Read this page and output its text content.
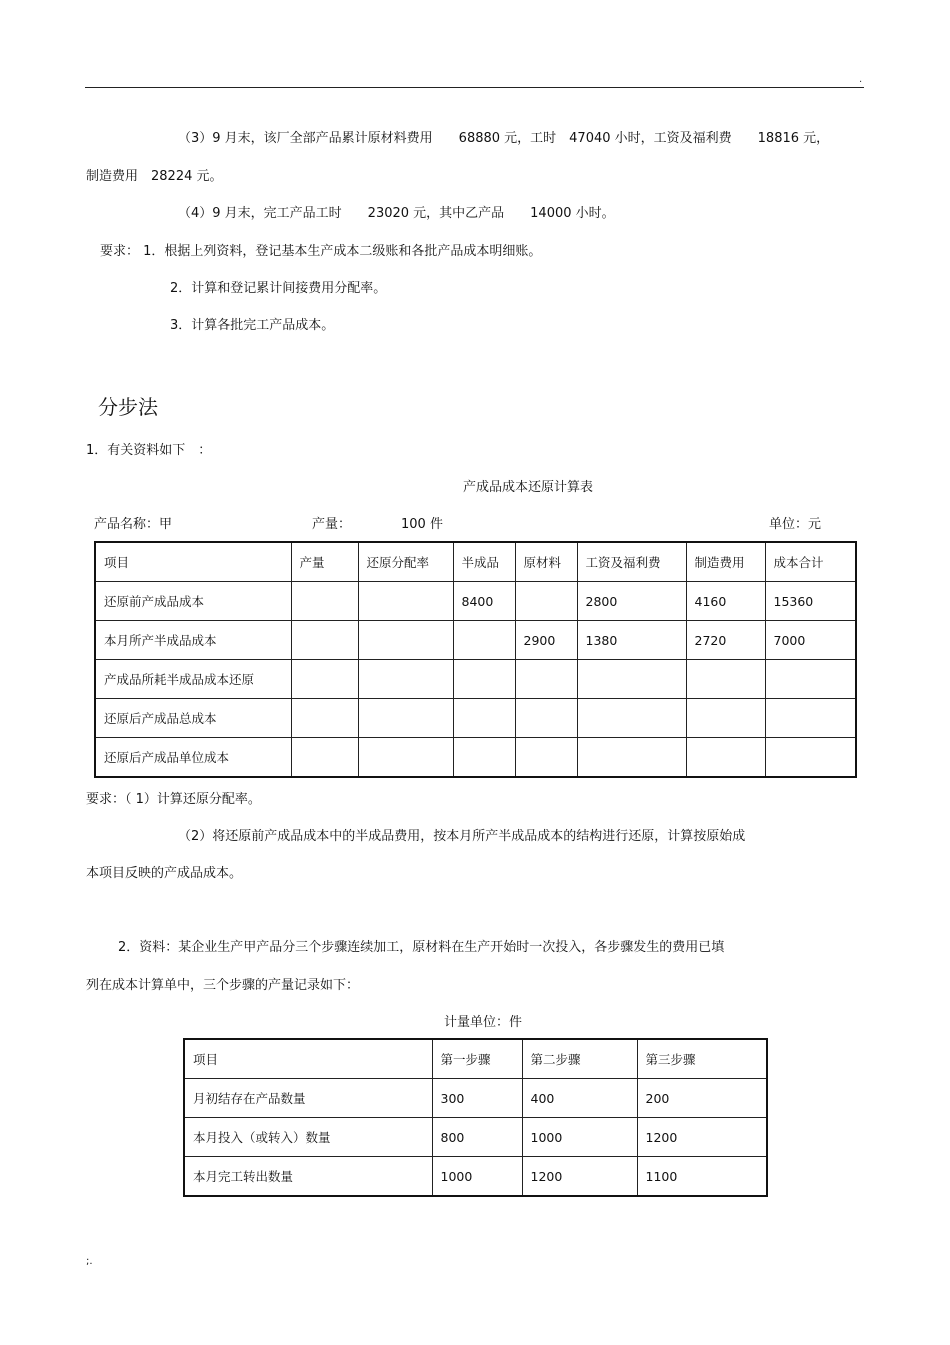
.
（3）9 月末，该厂全部产品累计原材料费用　　68880 元，工时　47040 小时，工资及福利费　　18816 元，
制造费用　28224 元。
（4）9 月末，完工产品工时　　23020 元，其中乙产品　　14000 小时。
要求： 1．根据上列资料，登记基本生产成本二级账和各批产品成本明细账。
2．计算和登记累计间接费用分配率。
3．计算各批完工产品成本。
分步法
1．有关资料如下　：
产成品成本还原计算表
产品名称：甲	产量：	100 件	单位：元
项目	产量	还原分配率	半成品	原材料	工资及福利费	制造费用	成本合计
还原前产成品成本			8400		2800	4160	15360
本月所产半成品成本				2900	1380	2720	7000
产成品所耗半成品成本还原							
还原后产成品总成本							
还原后产成品单位成本							
要求：（ 1）计算还原分配率。
（2）将还原前产成品成本中的半成品费用，按本月所产半成品成本的结构进行还原，计算按原始成
本项目反映的产成品成本。
2．资料：某企业生产甲产品分三个步骤连续加工，原材料在生产开始时一次投入，各步骤发生的费用已填
列在成本计算单中，三个步骤的产量记录如下：
计量单位：件
项目	第一步骤	第二步骤	第三步骤
月初结存在产品数量	300	400	200
本月投入（或转入）数量	800	1000	1200
本月完工转出数量	1000	1200	1100
;.
